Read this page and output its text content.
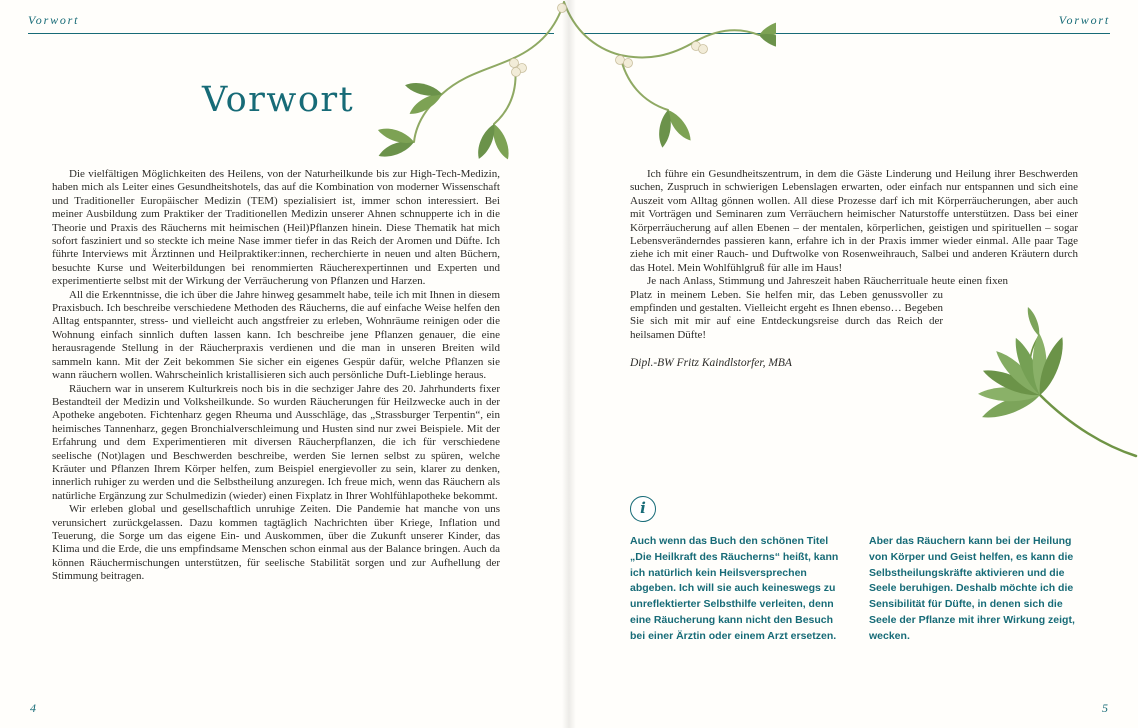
Vorwort	Vorwort
Vorwort

Die vielfältigen Möglichkeiten des Heilens, von der Naturheilkunde bis zur High-Tech-Medizin, haben mich als Leiter eines Gesundheitshotels, das auf die Kombination von moderner Wissenschaft und Traditioneller Europäischer Medizin (TEM) spezialisiert ist, immer schon interessiert. Bei meiner Ausbildung zum Praktiker der Traditionellen Medizin unserer Ahnen schnupperte ich in die Theorie und Praxis des Räucherns mit heimischen (Heil)Pflanzen hinein. Diese Thematik hat mich sofort fasziniert und so steckte ich meine Nase immer tiefer in das Reich der Aromen und Düfte. Ich führte Interviews mit Ärztinnen und Heilpraktiker:innen, recherchierte in neuen und alten Büchern, besuchte Kurse und Weiterbildungen bei renommierten Räucherexpertinnen und Experten und experimentierte selbst mit der Wirkung der Verräucherung von Pflanzen und Harzen.

All die Erkenntnisse, die ich über die Jahre hinweg gesammelt habe, teile ich mit Ihnen in diesem Praxisbuch. Ich beschreibe verschiedene Methoden des Räucherns, die auf einfache Weise helfen den Alltag entspannter, stress- und vielleicht auch angstfreier zu erleben, Wohnräume reinigen oder die Wohnung einfach sinnlich duften lassen kann. Ich beschreibe jene Pflanzen genauer, die eine herausragende Stellung in der Räucherpraxis verdienen und die man in unseren Breiten wild sammeln kann. Mit der Zeit bekommen Sie sicher ein eigenes Gespür dafür, welche Pflanzen sie wann räuchern wollen. Wahrscheinlich kristallisieren sich auch persönliche Duft-Lieblinge heraus.

Räuchern war in unserem Kulturkreis noch bis in die sechziger Jahre des 20. Jahrhunderts fixer Bestandteil der Medizin und Volksheilkunde. So wurden Räucherungen für Heilzwecke auch in der Apotheke angeboten. Fichtenharz gegen Rheuma und Ausschläge, das „Strassburger Terpentin“, ein heimisches Tannenharz, gegen Bronchialverschleimung und Husten sind nur zwei Beispiele. Mit der Erfahrung und dem Experimentieren mit diversen Räucherpflanzen, die ich für verschiedene seelische (Not)lagen und Beschwerden beschreibe, werden Sie lernen selbst zu spüren, welche Kräuter und Pflanzen Ihrem Körper helfen, zum Beispiel energievoller zu sein, klarer zu denken, innerlich ruhiger zu werden und die Selbstheilung anzuregen. Ich freue mich, wenn das Räuchern als natürliche Ergänzung zur Schulmedizin (wieder) einen Fixplatz in Ihrer Wohlfühlapotheke bekommt.

Wir erleben global und gesellschaftlich unruhige Zeiten. Die Pandemie hat manche von uns verunsichert zurückgelassen. Dazu kommen tagtäglich Nachrichten über Kriege, Inflation und Teuerung, die Sorge um das eigene Ein- und Auskommen, über die Zukunft unserer Kinder, das Klima und die Erde, die uns empfindsame Menschen schon einmal aus der Balance bringen. Auch da können Räuchermischungen unterstützen, für seelische Stabilität sorgen und zur Aufhellung der Stimmung beitragen.

Ich führe ein Gesundheitszentrum, in dem die Gäste Linderung und Heilung ihrer Beschwerden suchen, Zuspruch in schwierigen Lebenslagen erwarten, oder einfach nur entspannen und sich eine Auszeit vom Alltag gönnen wollen. All diese Prozesse darf ich mit Körperräucherungen, aber auch mit Vorträgen und Seminaren zum Verräuchern heimischer Naturstoffe unterstützen. Dass bei einer Körperräucherung auf allen Ebenen – der mentalen, körperlichen, geistigen und spirituellen – sogar Lebensveränderndes passieren kann, erfahre ich in der Praxis immer wieder einmal. Alle paar Tage ziehe ich mit einer Rauch- und Duftwolke von Rosenweihrauch, Salbei und anderen Kräutern durch das Hotel. Mein Wohlfühlgruß für alle im Haus!

Je nach Anlass, Stimmung und Jahreszeit haben Räucherrituale heute einen fixen Platz in meinem Leben. Sie helfen mir, das Leben genussvoller zu empfinden und gestalten. Vielleicht ergeht es Ihnen ebenso… Begeben Sie sich mit mir auf eine Entdeckungsreise durch das Reich der heilsamen Düfte!

Dipl.-BW Fritz Kaindlstorfer, MBA

i

Auch wenn das Buch den schönen Titel „Die Heilkraft des Räucherns“ heißt, kann ich natürlich kein Heilsversprechen abgeben. Ich will sie auch keineswegs zu unreflektierter Selbsthilfe verleiten, denn eine Räucherung kann nicht den Besuch bei einer Ärztin oder einem Arzt ersetzen.

Aber das Räuchern kann bei der Heilung von Körper und Geist helfen, es kann die Selbstheilungskräfte aktivieren und die Seele beruhigen. Deshalb möchte ich die Sensibilität für Düfte, in denen sich die Seele der Pflanze mit ihrer Wirkung zeigt, wecken.

4	5
